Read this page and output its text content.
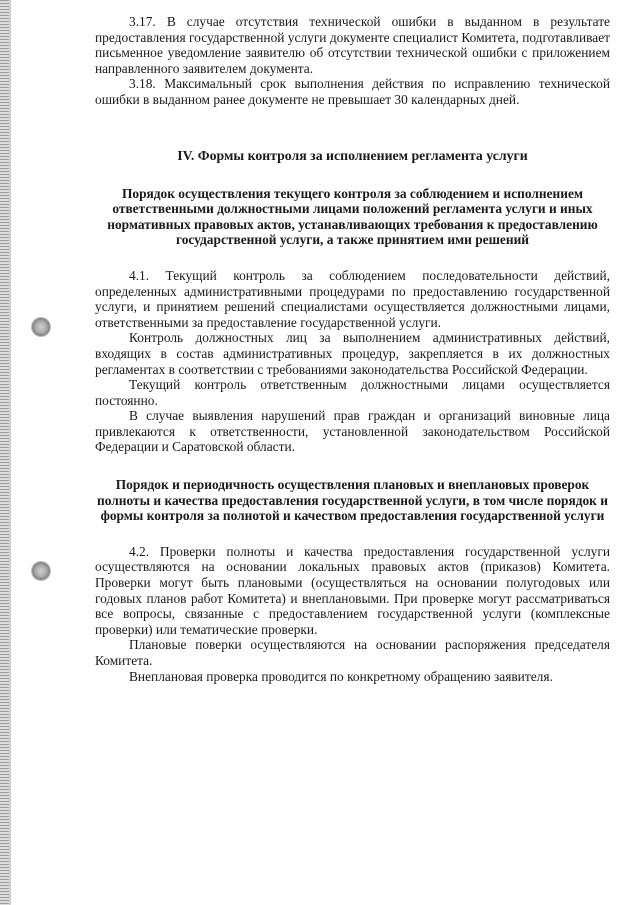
3.17. В случае отсутствия технической ошибки в выданном в результате предоставления государственной услуги документе специалист Комитета, подготавливает письменное уведомление заявителю об отсутствии технической ошибки с приложением направленного заявителем документа.

3.18. Максимальный срок выполнения действия по исправлению технической ошибки в выданном ранее документе не превышает 30 календарных дней.

IV. Формы контроля за исполнением регламента услуги
Порядок осуществления текущего контроля за соблюдением и исполнением ответственными должностными лицами положений регламента услуги и иных нормативных правовых актов, устанавливающих требования к предоставлению государственной услуги, а также принятием ими решений

4.1. Текущий контроль за соблюдением последовательности действий, определенных административными процедурами по предоставлению государственной услуги, и принятием решений специалистами осуществляется должностными лицами, ответственными за предоставление государственной услуги.

Контроль должностных лиц за выполнением административных действий, входящих в состав административных процедур, закрепляется в их должностных регламентах в соответствии с требованиями законодательства Российской Федерации.

Текущий контроль ответственным должностными лицами осуществляется постоянно.

В случае выявления нарушений прав граждан и организаций виновные лица привлекаются к ответственности, установленной законодательством Российской Федерации и Саратовской области.

Порядок и периодичность осуществления плановых и внеплановых проверок полноты и качества предоставления государственной услуги, в том числе порядок и формы контроля за полнотой и качеством предоставления государственной услуги

4.2. Проверки полноты и качества предоставления государственной услуги осуществляются на основании локальных правовых актов (приказов) Комитета. Проверки могут быть плановыми (осуществляться на основании полугодовых или годовых планов работ Комитета) и внеплановыми. При проверке могут рассматриваться все вопросы, связанные с предоставлением государственной услуги (комплексные проверки) или тематические проверки.

Плановые поверки осуществляются на основании распоряжения председателя Комитета.

Внеплановая проверка проводится по конкретному обращению заявителя.
